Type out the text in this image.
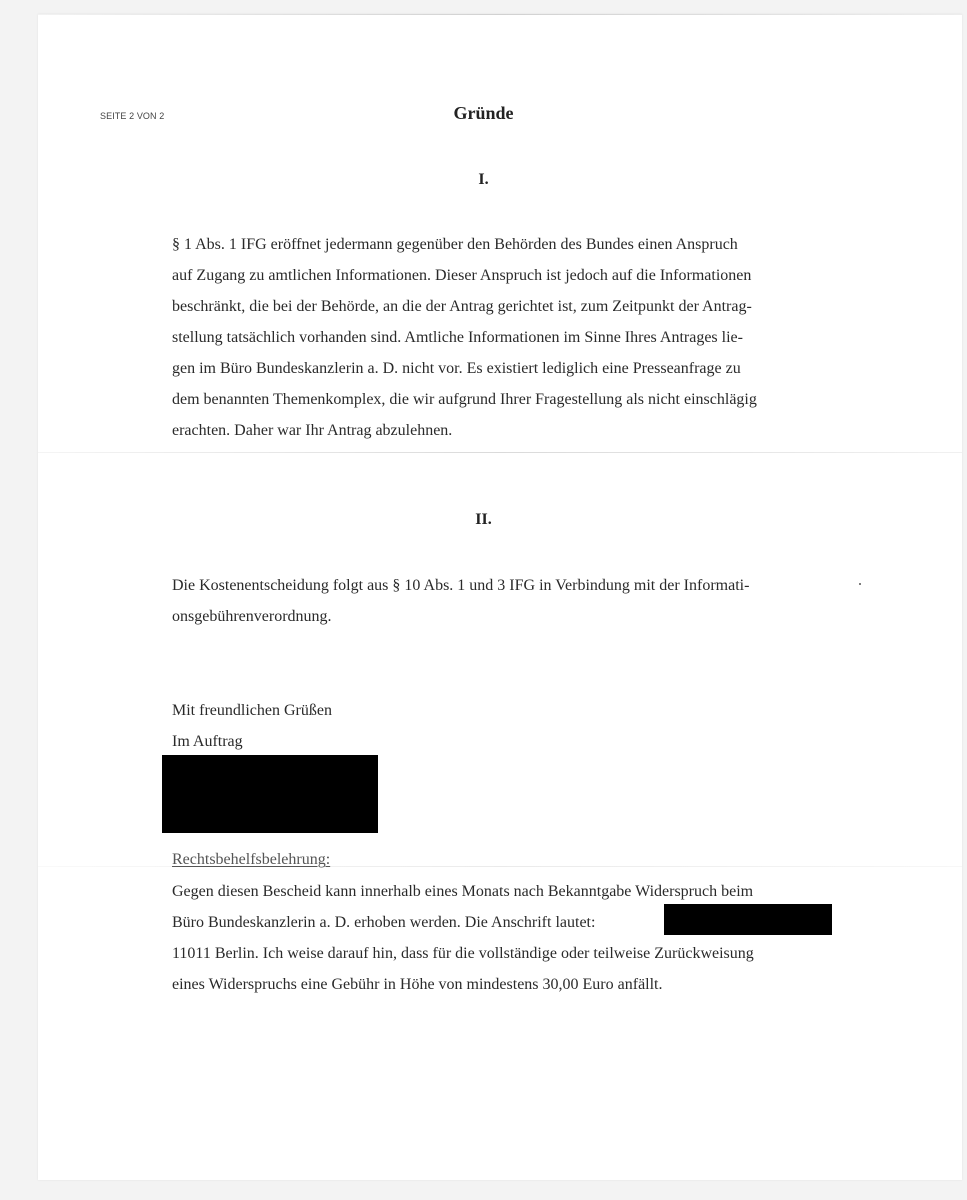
SEITE 2 VON 2	Gründe
I.
§ 1 Abs. 1 IFG eröffnet jedermann gegenüber den Behörden des Bundes einen Anspruch
auf Zugang zu amtlichen Informationen. Dieser Anspruch ist jedoch auf die Informationen
beschränkt, die bei der Behörde, an die der Antrag gerichtet ist, zum Zeitpunkt der Antrag-
stellung tatsächlich vorhanden sind. Amtliche Informationen im Sinne Ihres Antrages lie-
gen im Büro Bundeskanzlerin a. D. nicht vor. Es existiert lediglich eine Presseanfrage zu
dem benannten Themenkomplex, die wir aufgrund Ihrer Fragestellung als nicht einschlägig
erachten. Daher war Ihr Antrag abzulehnen.
II.
Die Kostenentscheidung folgt aus § 10 Abs. 1 und 3 IFG in Verbindung mit der Informati-
onsgebührenverordnung.
Mit freundlichen Grüßen
Im Auftrag
Rechtsbehelfsbelehrung:
Gegen diesen Bescheid kann innerhalb eines Monats nach Bekanntgabe Widerspruch beim
Büro Bundeskanzlerin a. D. erhoben werden. Die Anschrift lautet:
11011 Berlin. Ich weise darauf hin, dass für die vollständige oder teilweise Zurückweisung
eines Widerspruchs eine Gebühr in Höhe von mindestens 30,00 Euro anfällt.
